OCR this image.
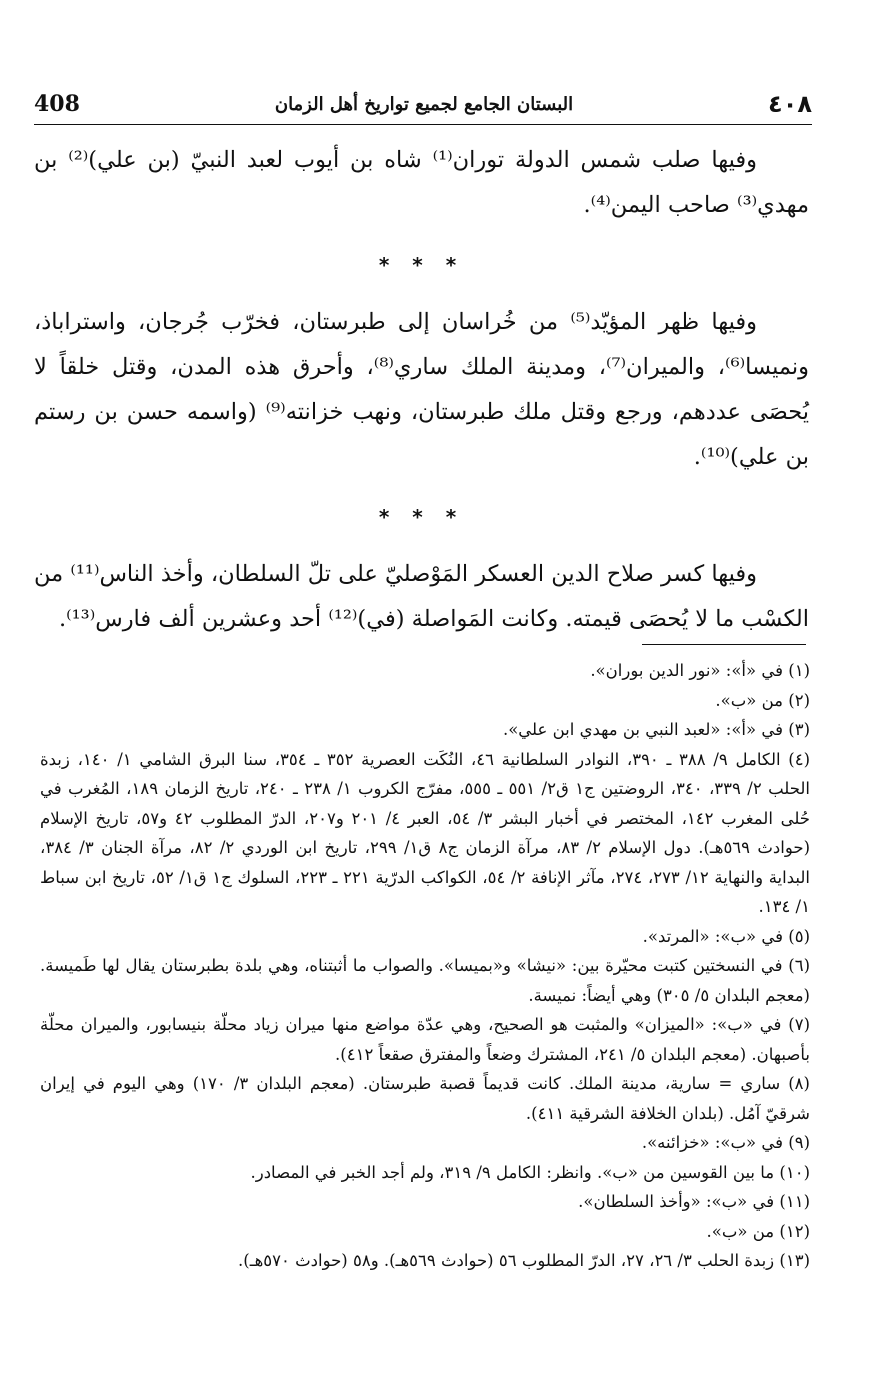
408	البستان الجامع لجميع تواريخ أهل الزمان	٤٠٨

وفيها صلب شمس الدولة توران⁽¹⁾ شاه بن أيوب لعبد النبيّ (بن علي)⁽²⁾ بن مهدي⁽³⁾ صاحب اليمن⁽⁴⁾.

* * *

وفيها ظهر المؤيّد⁽⁵⁾ من خُراسان إلى طبرستان، فخرّب جُرجان، واستراباذ، ونميسا⁽⁶⁾، والميران⁽⁷⁾، ومدينة الملك ساري⁽⁸⁾، وأحرق هذه المدن، وقتل خلقاً لا يُحصَى عددهم، ورجع وقتل ملك طبرستان، ونهب خزانته⁽⁹⁾ (واسمه حسن بن رستم بن علي)⁽¹⁰⁾.

* * *

وفيها كسر صلاح الدين العسكر المَوْصليّ على تلّ السلطان، وأخذ الناس⁽¹¹⁾ من الكسْب ما لا يُحصَى قيمته. وكانت المَواصلة (في)⁽¹²⁾ أحد وعشرين ألف فارس⁽¹³⁾.

(١) في «أ»: «نور الدين بوران».

(٢) من «ب».

(٣) في «أ»: «لعبد النبي بن مهدي ابن علي».

(٤) الكامل ٩/ ٣٨٨ ـ ٣٩٠، النوادر السلطانية ٤٦، النُكَت العصرية ٣٥٢ ـ ٣٥٤، سنا البرق الشامي ١/ ١٤٠، زبدة الحلب ٢/ ٣٣٩، ٣٤٠، الروضتين ج١ ق٢/ ٥٥١ ـ ٥٥٥، مفرّج الكروب ١/ ٢٣٨ ـ ٢٤٠، تاريخ الزمان ١٨٩، المُغرب في حُلى المغرب ١٤٢، المختصر في أخبار البشر ٣/ ٥٤، العبر ٤/ ٢٠١ و٢٠٧، الدرّ المطلوب ٤٢ و٥٧، تاريخ الإسلام (حوادث ٥٦٩هـ). دول الإسلام ٢/ ٨٣، مرآة الزمان ج٨ ق١/ ٢٩٩، تاريخ ابن الوردي ٢/ ٨٢، مرآة الجنان ٣/ ٣٨٤، البداية والنهاية ١٢/ ٢٧٣، ٢٧٤، مآثر الإنافة ٢/ ٥٤، الكواكب الدرّية ٢٢١ ـ ٢٢٣، السلوك ج١ ق١/ ٥٢، تاريخ ابن سباط ١/ ١٣٤.

(٥) في «ب»: «المرتد».

(٦) في النسختين كتبت محيّرة بين: «نيشا» و«بميسا». والصواب ما أثبتناه، وهي بلدة بطبرستان يقال لها طَميسة. (معجم البلدان ٥/ ٣٠٥) وهي أيضاً: نميسة.

(٧) في «ب»: «الميزان» والمثبت هو الصحيح، وهي عدّة مواضع منها ميران زياد محلّة بنيسابور، والميران محلّة بأصبهان. (معجم البلدان ٥/ ٢٤١، المشترك وضعاً والمفترق صقعاً ٤١٢).

(٨) ساري = سارية، مدينة الملك. كانت قديماً قصبة طبرستان. (معجم البلدان ٣/ ١٧٠) وهي اليوم في إيران شرقيّ آمُل. (بلدان الخلافة الشرقية ٤١١).

(٩) في «ب»: «خزائنه».

(١٠) ما بين القوسين من «ب». وانظر: الكامل ٩/ ٣١٩، ولم أجد الخبر في المصادر.

(١١) في «ب»: «وأخذ السلطان».

(١٢) من «ب».

(١٣) زبدة الحلب ٣/ ٢٦، ٢٧، الدرّ المطلوب ٥٦ (حوادث ٥٦٩هـ). و٥٨ (حوادث ٥٧٠هـ).
